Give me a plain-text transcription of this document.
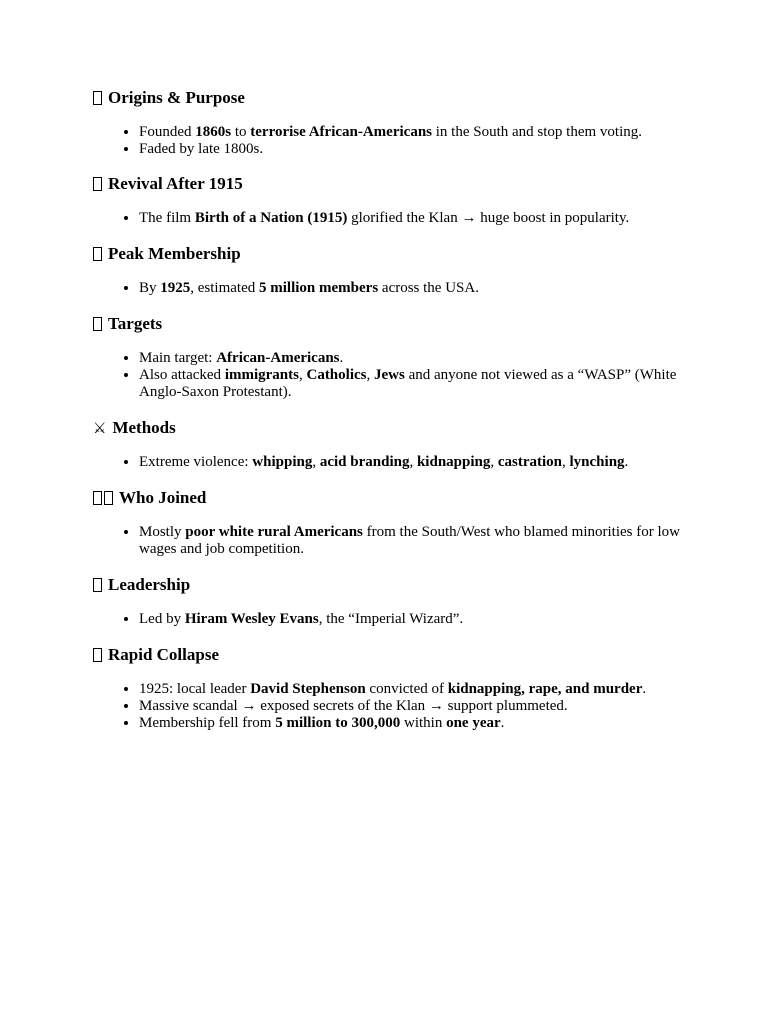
Origins & Purpose
• Founded 1860s to terrorise African-Americans in the South and stop them voting.
• Faded by late 1800s.
Revival After 1915
• The film Birth of a Nation (1915) glorified the Klan → huge boost in popularity.
Peak Membership
• By 1925, estimated 5 million members across the USA.
Targets
• Main target: African-Americans.
• Also attacked immigrants, Catholics, Jews and anyone not viewed as a “WASP” (White Anglo-Saxon Protestant).
⚔ Methods
• Extreme violence: whipping, acid branding, kidnapping, castration, lynching.
Who Joined
• Mostly poor white rural Americans from the South/West who blamed minorities for low wages and job competition.
Leadership
• Led by Hiram Wesley Evans, the “Imperial Wizard”.
Rapid Collapse
• 1925: local leader David Stephenson convicted of kidnapping, rape, and murder.
• Massive scandal → exposed secrets of the Klan → support plummeted.
• Membership fell from 5 million to 300,000 within one year.
